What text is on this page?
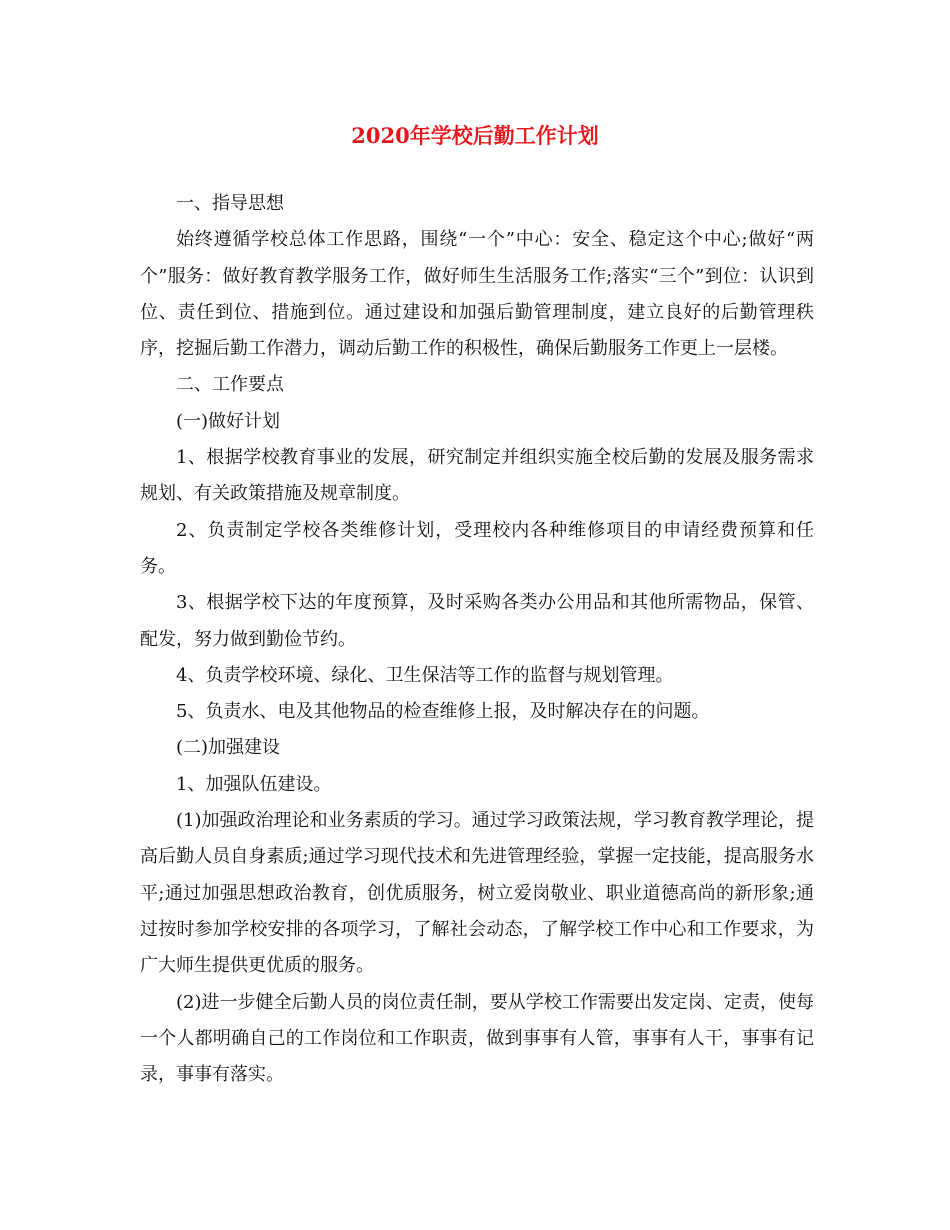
2020年学校后勤工作计划

一、指导思想

始终遵循学校总体工作思路，围绕“一个”中心：安全、稳定这个中心;做好“两个”服务：做好教育教学服务工作，做好师生生活服务工作;落实“三个”到位：认识到位、责任到位、措施到位。通过建设和加强后勤管理制度，建立良好的后勤管理秩序，挖掘后勤工作潜力，调动后勤工作的积极性，确保后勤服务工作更上一层楼。

二、工作要点

(一)做好计划

1、根据学校教育事业的发展，研究制定并组织实施全校后勤的发展及服务需求规划、有关政策措施及规章制度。

2、负责制定学校各类维修计划，受理校内各种维修项目的申请经费预算和任务。

3、根据学校下达的年度预算，及时采购各类办公用品和其他所需物品，保管、配发，努力做到勤俭节约。

4、负责学校环境、绿化、卫生保洁等工作的监督与规划管理。

5、负责水、电及其他物品的检查维修上报，及时解决存在的问题。

(二)加强建设

1、加强队伍建设。

(1)加强政治理论和业务素质的学习。通过学习政策法规，学习教育教学理论，提高后勤人员自身素质;通过学习现代技术和先进管理经验，掌握一定技能，提高服务水平;通过加强思想政治教育，创优质服务，树立爱岗敬业、职业道德高尚的新形象;通过按时参加学校安排的各项学习，了解社会动态，了解学校工作中心和工作要求，为广大师生提供更优质的服务。

(2)进一步健全后勤人员的岗位责任制，要从学校工作需要出发定岗、定责，使每一个人都明确自己的工作岗位和工作职责，做到事事有人管，事事有人干，事事有记录，事事有落实。
